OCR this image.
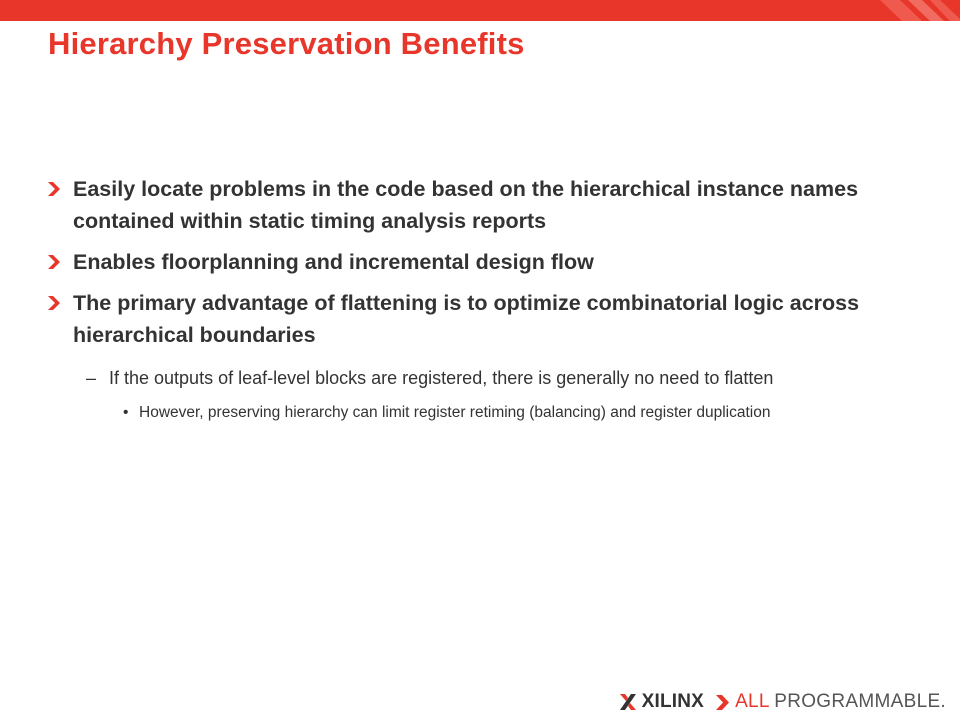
Hierarchy Preservation Benefits
Easily locate problems in the code based on the hierarchical instance names contained within static timing analysis reports
Enables floorplanning and incremental design flow
The primary advantage of flattening is to optimize combinatorial logic across hierarchical boundaries
– If the outputs of leaf-level blocks are registered, there is generally no need to flatten
• However, preserving hierarchy can limit register retiming (balancing) and register duplication
XILINX ALL PROGRAMMABLE.
